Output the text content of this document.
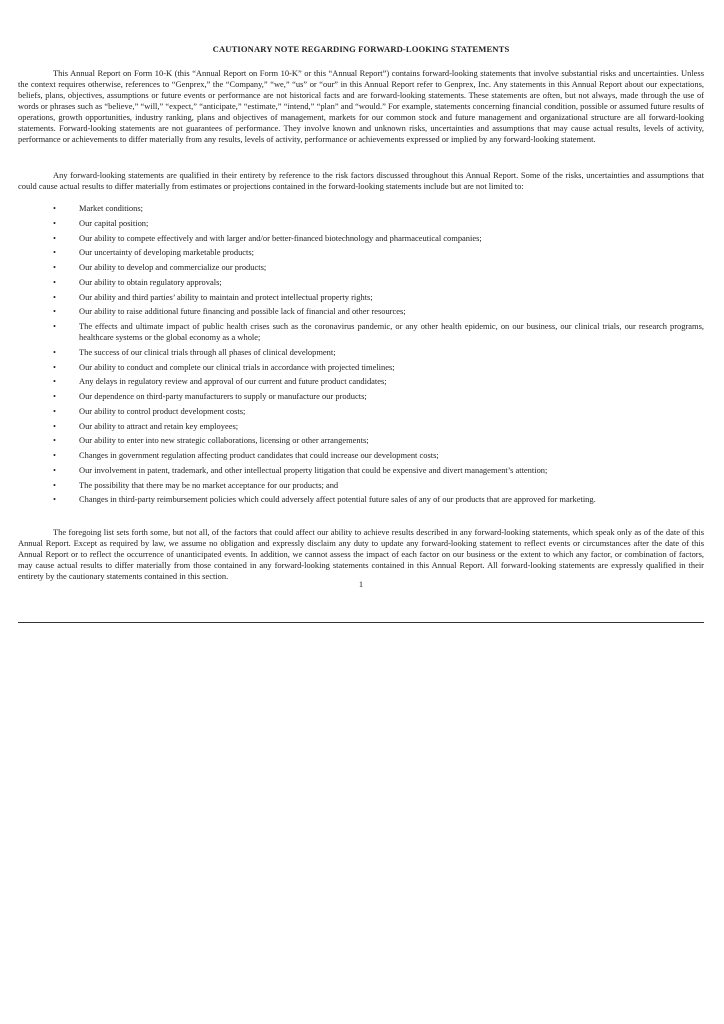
CAUTIONARY NOTE REGARDING FORWARD-LOOKING STATEMENTS

This Annual Report on Form 10-K (this “Annual Report on Form 10-K” or this “Annual Report”) contains forward-looking statements that involve substantial risks and uncertainties. Unless the context requires otherwise, references to “Genprex,” the “Company,” “we,” “us” or “our” in this Annual Report refer to Genprex, Inc. Any statements in this Annual Report about our expectations, beliefs, plans, objectives, assumptions or future events or performance are not historical facts and are forward-looking statements. These statements are often, but not always, made through the use of words or phrases such as “believe,” “will,” “expect,” “anticipate,” “estimate,” “intend,” “plan” and “would.” For example, statements concerning financial condition, possible or assumed future results of operations, growth opportunities, industry ranking, plans and objectives of management, markets for our common stock and future management and organizational structure are all forward-looking statements. Forward-looking statements are not guarantees of performance. They involve known and unknown risks, uncertainties and assumptions that may cause actual results, levels of activity, performance or achievements to differ materially from any results, levels of activity, performance or achievements expressed or implied by any forward-looking statement.

Any forward-looking statements are qualified in their entirety by reference to the risk factors discussed throughout this Annual Report. Some of the risks, uncertainties and assumptions that could cause actual results to differ materially from estimates or projections contained in the forward-looking statements include but are not limited to:

•	Market conditions;
•	Our capital position;
•	Our ability to compete effectively and with larger and/or better-financed biotechnology and pharmaceutical companies;
•	Our uncertainty of developing marketable products;
•	Our ability to develop and commercialize our products;
•	Our ability to obtain regulatory approvals;
•	Our ability and third parties’ ability to maintain and protect intellectual property rights;
•	Our ability to raise additional future financing and possible lack of financial and other resources;
•	The effects and ultimate impact of public health crises such as the coronavirus pandemic, or any other health epidemic, on our business, our clinical trials, our research programs, healthcare systems or the global economy as a whole;
•	The success of our clinical trials through all phases of clinical development;
•	Our ability to conduct and complete our clinical trials in accordance with projected timelines;
•	Any delays in regulatory review and approval of our current and future product candidates;
•	Our dependence on third-party manufacturers to supply or manufacture our products;
•	Our ability to control product development costs;
•	Our ability to attract and retain key employees;
•	Our ability to enter into new strategic collaborations, licensing or other arrangements;
•	Changes in government regulation affecting product candidates that could increase our development costs;
•	Our involvement in patent, trademark, and other intellectual property litigation that could be expensive and divert management’s attention;
•	The possibility that there may be no market acceptance for our products; and
•	Changes in third-party reimbursement policies which could adversely affect potential future sales of any of our products that are approved for marketing.

The foregoing list sets forth some, but not all, of the factors that could affect our ability to achieve results described in any forward-looking statements, which speak only as of the date of this Annual Report. Except as required by law, we assume no obligation and expressly disclaim any duty to update any forward-looking statement to reflect events or circumstances after the date of this Annual Report or to reflect the occurrence of unanticipated events. In addition, we cannot assess the impact of each factor on our business or the extent to which any factor, or combination of factors, may cause actual results to differ materially from those contained in any forward-looking statements contained in this Annual Report. All forward-looking statements are expressly qualified in their entirety by the cautionary statements contained in this section.

1
